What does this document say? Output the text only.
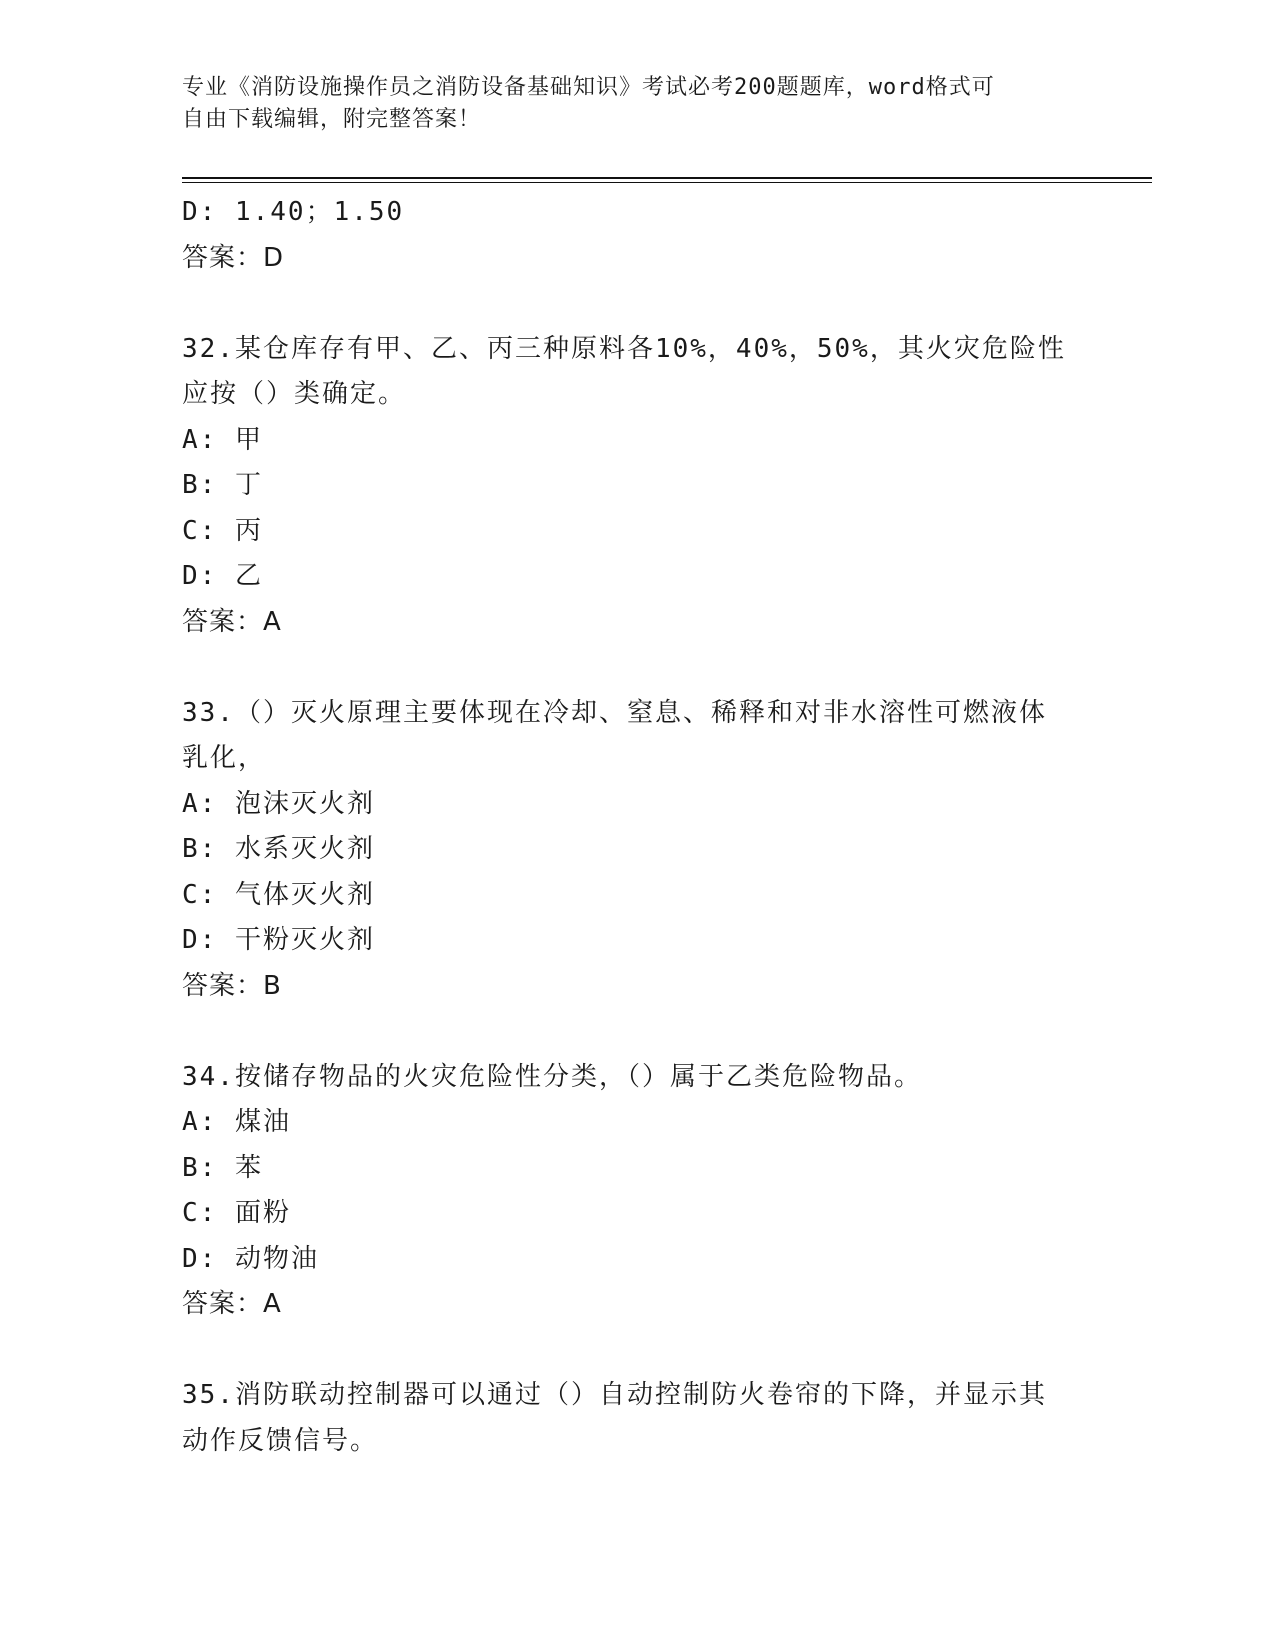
专业《消防设施操作员之消防设备基础知识》考试必考200题题库，word格式可
自由下载编辑，附完整答案！
D: 1.40；1.50
答案：D
32.某仓库存有甲、乙、丙三种原料各10%，40%，50%，其火灾危险性
应按（）类确定。
A: 甲
B: 丁
C: 丙
D: 乙
答案：A
33.（）灭火原理主要体现在冷却、窒息、稀释和对非水溶性可燃液体
乳化，
A: 泡沫灭火剂
B: 水系灭火剂
C: 气体灭火剂
D: 干粉灭火剂
答案：B
34.按储存物品的火灾危险性分类，（）属于乙类危险物品。
A: 煤油
B: 苯
C: 面粉
D: 动物油
答案：A
35.消防联动控制器可以通过（）自动控制防火卷帘的下降，并显示其
动作反馈信号。
